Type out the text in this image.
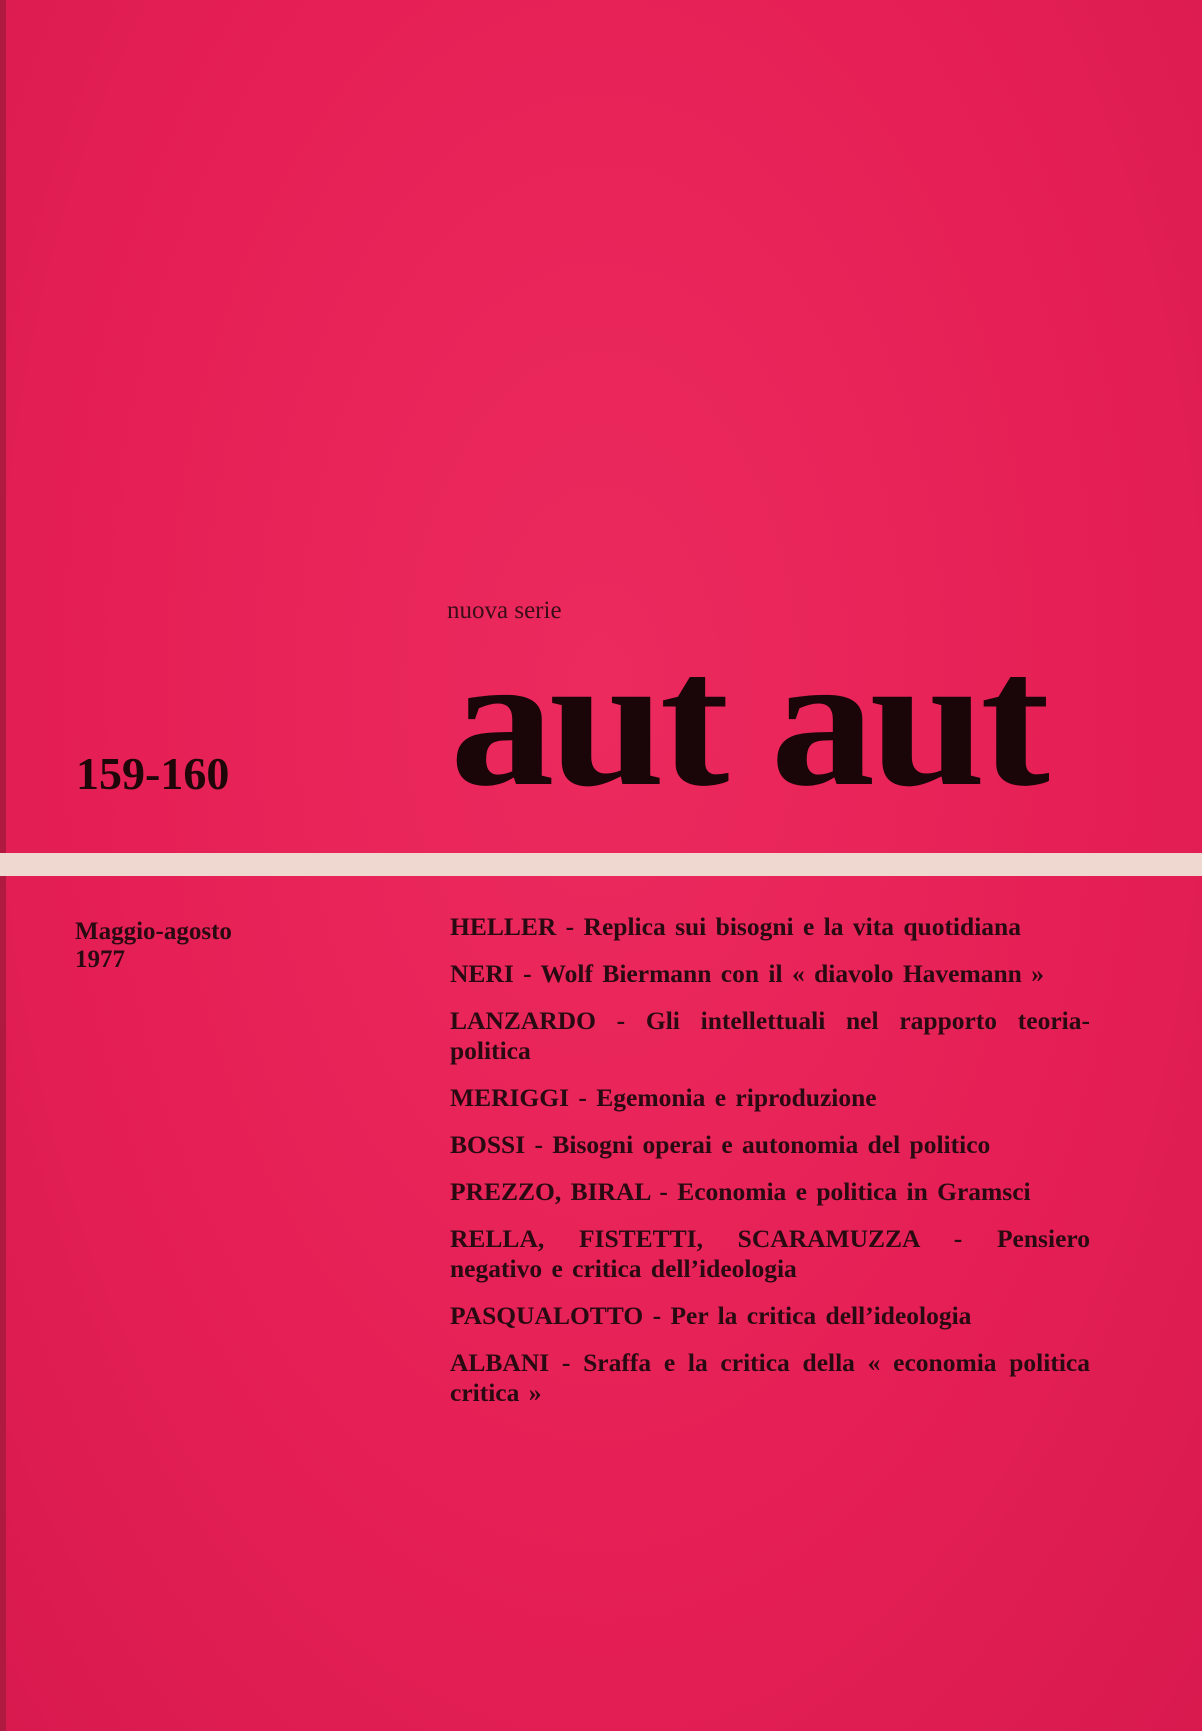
nuova serie
aut aut
159-160
Maggio-agosto
1977
HELLER - Replica sui bisogni e la vita quotidiana
NERI - Wolf Biermann con il « diavolo Havemann »
LANZARDO - Gli intellettuali nel rapporto teoria-politica
MERIGGI - Egemonia e riproduzione
BOSSI - Bisogni operai e autonomia del politico
PREZZO, BIRAL - Economia e politica in Gramsci
RELLA, FISTETTI, SCARAMUZZA - Pensiero negativo e critica dell’ideologia
PASQUALOTTO - Per la critica dell’ideologia
ALBANI - Sraffa e la critica della « economia politica critica »
